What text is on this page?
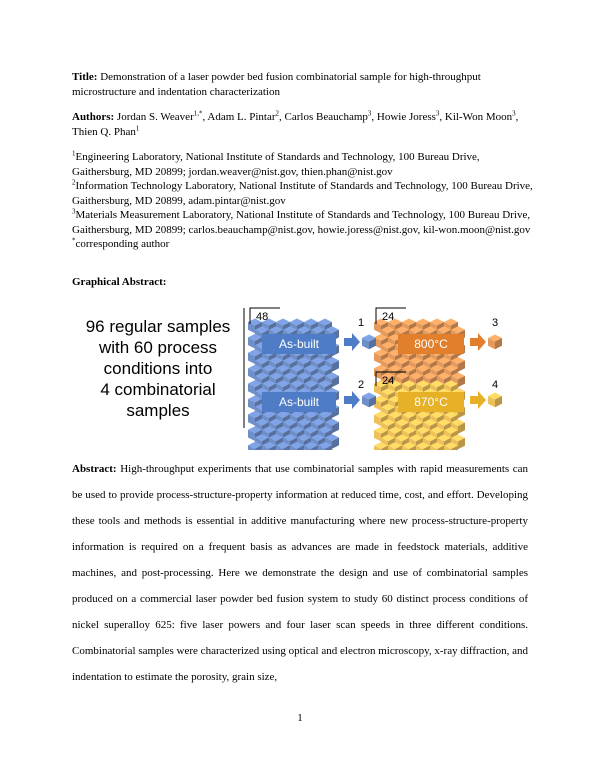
Title: Demonstration of a laser powder bed fusion combinatorial sample for high-throughput microstructure and indentation characterization
Authors: Jordan S. Weaver$^{1,*}$, Adam L. Pintar$^2$, Carlos Beauchamp$^3$, Howie Joress$^3$, Kil-Won Moon$^3$, Thien Q. Phan$^1$

$^1$Engineering Laboratory, National Institute of Standards and Technology, 100 Bureau Drive, Gaithersburg, MD 20899; jordan.weaver@nist.gov, thien.phan@nist.gov

$^2$Information Technology Laboratory, National Institute of Standards and Technology, 100 Bureau Drive, Gaithersburg, MD 20899, adam.pintar@nist.gov

$^3$Materials Measurement Laboratory, National Institute of Standards and Technology, 100 Bureau Drive, Gaithersburg, MD 20899; carlos.beauchamp@nist.gov, howie.joress@nist.gov, kil-won.moon@nist.gov

*corresponding author

Graphical Abstract:
96 regular samples
with 60 process
conditions into
4 combinatorial
samples
48	24
24
1
2
3
4
As-built
As-built
800°C
870°C

Abstract: High-throughput experiments that use combinatorial samples with rapid measurements can be used to provide process-structure-property information at reduced time, cost, and effort. Developing these tools and methods is essential in additive manufacturing where new process-structure-property information is required on a frequent basis as advances are made in feedstock materials, additive machines, and post-processing. Here we demonstrate the design and use of combinatorial samples produced on a commercial laser powder bed fusion system to study 60 distinct process conditions of nickel superalloy 625: five laser powers and four laser scan speeds in three different conditions. Combinatorial samples were characterized using optical and electron microscopy, x-ray diffraction, and indentation to estimate the porosity, grain size,

1
